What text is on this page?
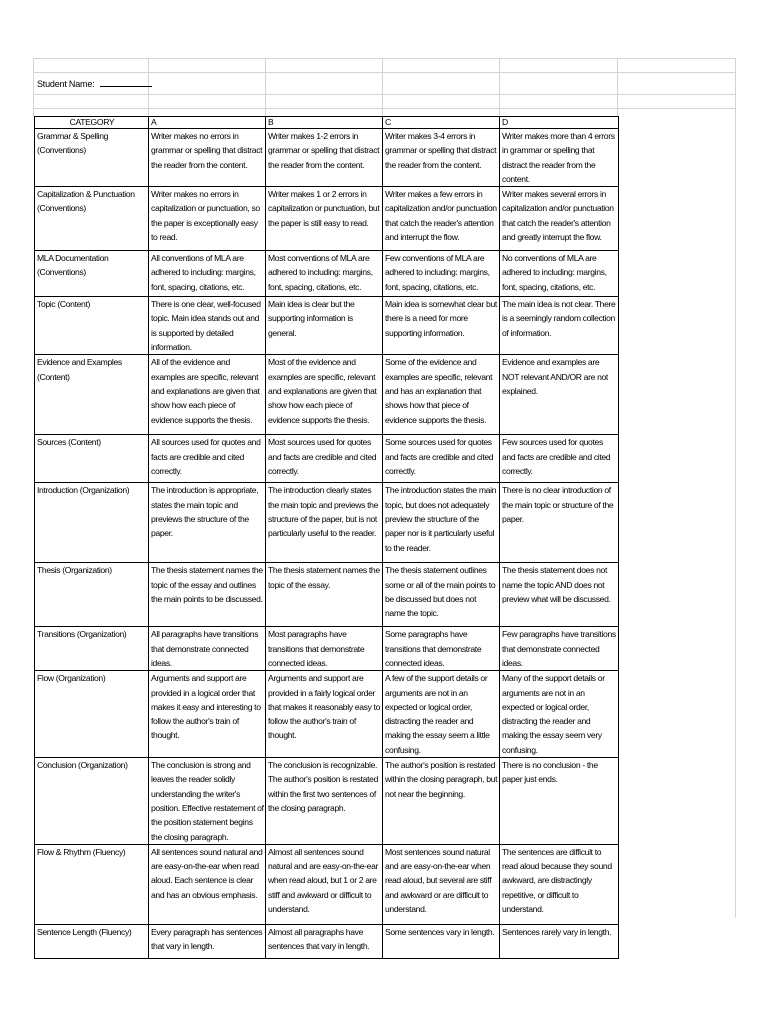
Student Name:
CATEGORY	A	B	C	D
Grammar & Spelling (Conventions)	Writer makes no errors in grammar or spelling that distract the reader from the content.	Writer makes 1-2 errors in grammar or spelling that distract the reader from the content.	Writer makes 3-4 errors in grammar or spelling that distract the reader from the content.	Writer makes more than 4 errors in grammar or spelling that distract the reader from the content.
Capitalization & Punctuation (Conventions)	Writer makes no errors in capitalization or punctuation, so the paper is exceptionally easy to read.	Writer makes 1 or 2 errors in capitalization or punctuation, but the paper is still easy to read.	Writer makes a few errors in capitalization and/or punctuation that catch the reader's attention and interrupt the flow.	Writer makes several errors in capitalization and/or punctuation that catch the reader's attention and greatly interrupt the flow.
MLA Documentation (Conventions)	All conventions of MLA are adhered to including: margins, font, spacing, citations, etc.	Most conventions of MLA are adhered to including: margins, font, spacing, citations, etc.	Few conventions of MLA are adhered to including: margins, font, spacing, citations, etc.	No conventions of MLA are adhered to including: margins, font, spacing, citations, etc.
Topic (Content)	There is one clear, well-focused topic. Main idea stands out and is supported by detailed information.	Main idea is clear but the supporting information is general.	Main idea is somewhat clear but there is a need for more supporting information.	The main idea is not clear. There is a seemingly random collection of information.
Evidence and Examples (Content)	All of the evidence and examples are specific, relevant and explanations are given that show how each piece of evidence supports the thesis.	Most of the evidence and examples are specific, relevant and explanations are given that show how each piece of evidence supports the thesis.	Some of the evidence and examples are specific, relevant and has an explanation that shows how that piece of evidence supports the thesis.	Evidence and examples are NOT relevant AND/OR are not explained.
Sources (Content)	All sources used for quotes and facts are credible and cited correctly.	Most sources used for quotes and facts are credible and cited correctly.	Some sources used for quotes and facts are credible and cited correctly.	Few sources used for quotes and facts are credible and cited correctly.
Introduction (Organization)	The introduction is appropriate, states the main topic and previews the structure of the paper.	The introduction clearly states the main topic and previews the structure of the paper, but is not particularly useful to the reader.	The introduction states the main topic, but does not adequately preview the structure of the paper nor is it particularly useful to the reader.	There is no clear introduction of the main topic or structure of the paper.
Thesis (Organization)	The thesis statement names the topic of the essay and outlines the main points to be discussed.	The thesis statement names the topic of the essay.	The thesis statement outlines some or all of the main points to be discussed but does not name the topic.	The thesis statement does not name the topic AND does not preview what will be discussed.
Transitions (Organization)	All paragraphs have transitions that demonstrate connected ideas.	Most paragraphs have transitions that demonstrate connected ideas.	Some paragraphs have transitions that demonstrate connected ideas.	Few paragraphs have transitions that demonstrate connected ideas.
Flow (Organization)	Arguments and support are provided in a logical order that makes it easy and interesting to follow the author's train of thought.	Arguments and support are provided in a fairly logical order that makes it reasonably easy to follow the author's train of thought.	A few of the support details or arguments are not in an expected or logical order, distracting the reader and making the essay seem a little confusing.	Many of the support details or arguments are not in an expected or logical order, distracting the reader and making the essay seem very confusing.
Conclusion (Organization)	The conclusion is strong and leaves the reader solidly understanding the writer's position. Effective restatement of the position statement begins the closing paragraph.	The conclusion is recognizable. The author's position is restated within the first two sentences of the closing paragraph.	The author's position is restated within the closing paragraph, but not near the beginning.	There is no conclusion - the paper just ends.
Flow & Rhythm (Fluency)	All sentences sound natural and are easy-on-the-ear when read aloud. Each sentence is clear and has an obvious emphasis.	Almost all sentences sound natural and are easy-on-the-ear when read aloud, but 1 or 2 are stiff and awkward or difficult to understand.	Most sentences sound natural and are easy-on-the-ear when read aloud, but several are stiff and awkward or are difficult to understand.	The sentences are difficult to read aloud because they sound awkward, are distractingly repetitive, or difficult to understand.
Sentence Length (Fluency)	Every paragraph has sentences that vary in length.	Almost all paragraphs have sentences that vary in length.	Some sentences vary in length.	Sentences rarely vary in length.
